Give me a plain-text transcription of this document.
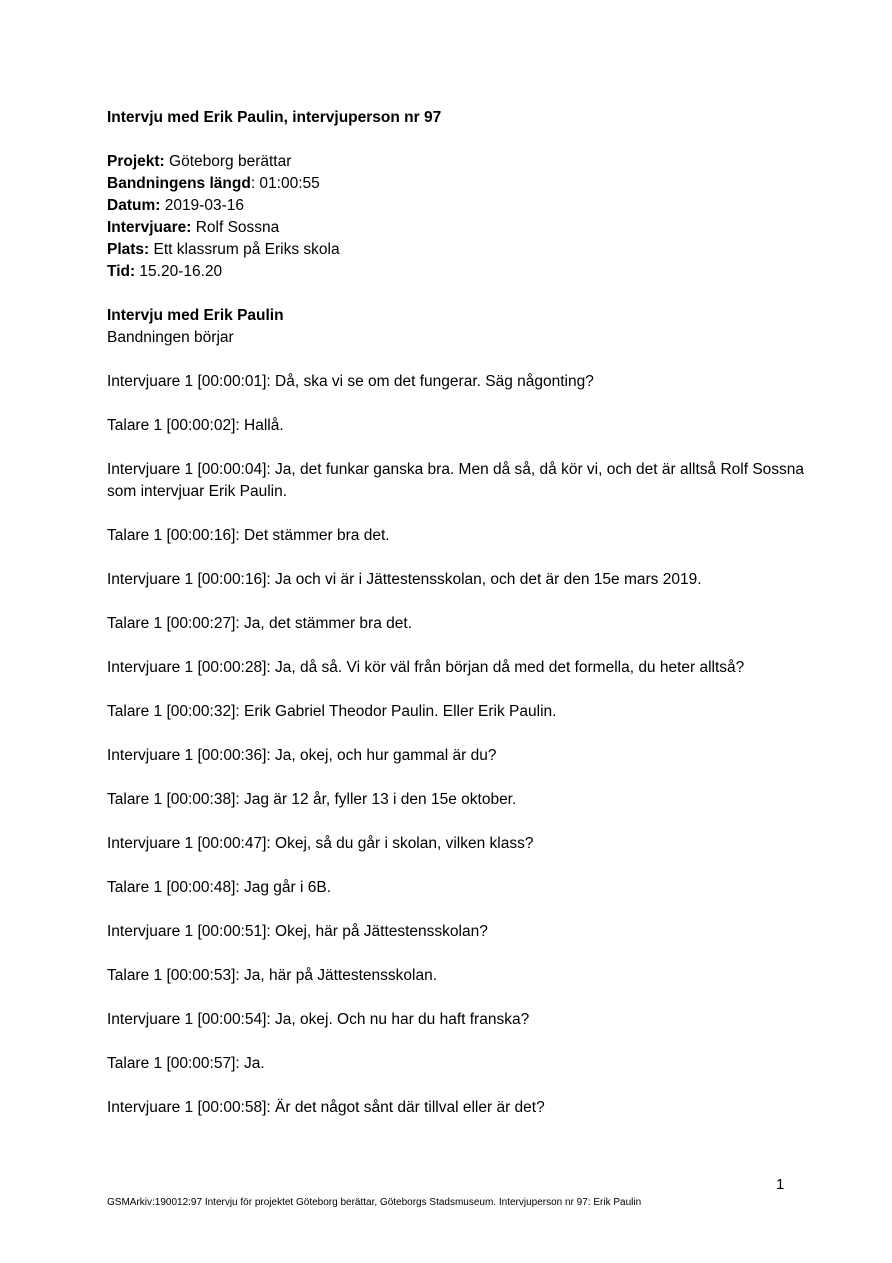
Intervju med Erik Paulin, intervjuperson nr 97
Projekt: Göteborg berättar
Bandningens längd: 01:00:55
Datum: 2019-03-16
Intervjuare: Rolf Sossna
Plats: Ett klassrum på Eriks skola
Tid: 15.20-16.20
Intervju med Erik Paulin
Bandningen börjar

Intervjuare 1 [00:00:01]: Då, ska vi se om det fungerar. Säg någonting?

Talare 1 [00:00:02]: Hallå.

Intervjuare 1 [00:00:04]: Ja, det funkar ganska bra. Men då så, då kör vi, och det är alltså Rolf Sossna som intervjuar Erik Paulin.

Talare 1 [00:00:16]: Det stämmer bra det.

Intervjuare 1 [00:00:16]: Ja och vi är i Jättestensskolan, och det är den 15e mars 2019.

Talare 1 [00:00:27]: Ja, det stämmer bra det.

Intervjuare 1 [00:00:28]: Ja, då så. Vi kör väl från början då med det formella, du heter alltså?

Talare 1 [00:00:32]: Erik Gabriel Theodor Paulin. Eller Erik Paulin.

Intervjuare 1 [00:00:36]: Ja, okej, och hur gammal är du?

Talare 1 [00:00:38]: Jag är 12 år, fyller 13 i den 15e oktober.

Intervjuare 1 [00:00:47]: Okej, så du går i skolan, vilken klass?

Talare 1 [00:00:48]: Jag går i 6B.

Intervjuare 1 [00:00:51]: Okej, här på Jättestensskolan?

Talare 1 [00:00:53]: Ja, här på Jättestensskolan.

Intervjuare 1 [00:00:54]: Ja, okej. Och nu har du haft franska?

Talare 1 [00:00:57]: Ja.

Intervjuare 1 [00:00:58]: Är det något sånt där tillval eller är det?

1
GSMArkiv:190012:97 Intervju för projektet Göteborg berättar, Göteborgs Stadsmuseum. Intervjuperson nr 97: Erik Paulin
